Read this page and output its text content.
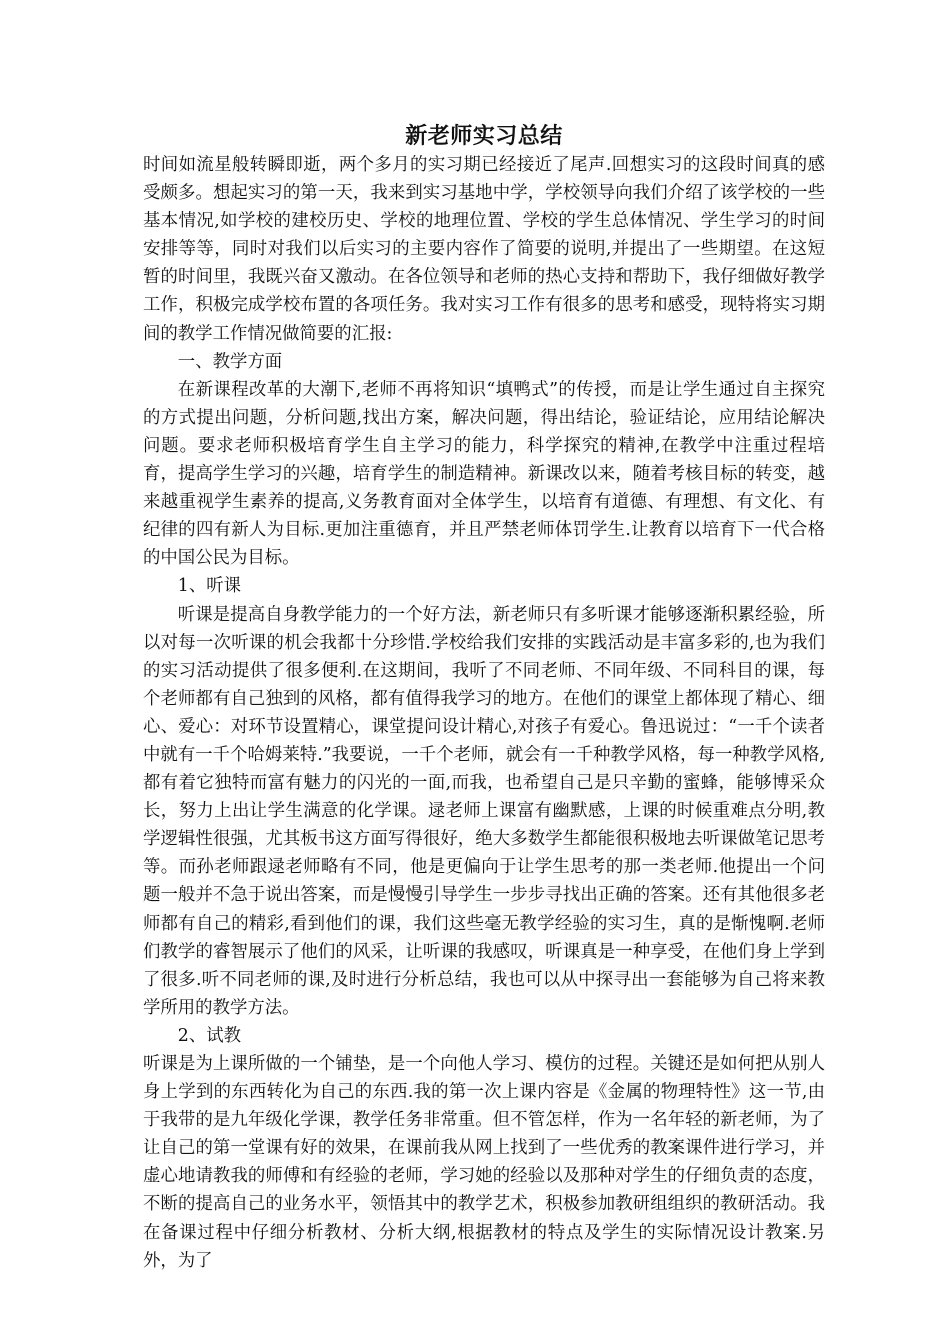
新老师实习总结

时间如流星般转瞬即逝，两个多月的实习期已经接近了尾声.回想实习的这段时间真的感受颇多。想起实习的第一天，我来到实习基地中学，学校领导向我们介绍了该学校的一些基本情况,如学校的建校历史、学校的地理位置、学校的学生总体情况、学生学习的时间安排等等，同时对我们以后实习的主要内容作了简要的说明,并提出了一些期望。在这短暂的时间里，我既兴奋又激动。在各位领导和老师的热心支持和帮助下，我仔细做好教学工作，积极完成学校布置的各项任务。我对实习工作有很多的思考和感受，现特将实习期间的教学工作情况做简要的汇报:

一、教学方面

在新课程改革的大潮下,老师不再将知识“填鸭式”的传授，而是让学生通过自主探究的方式提出问题，分析问题,找出方案，解决问题，得出结论，验证结论，应用结论解决问题。要求老师积极培育学生自主学习的能力，科学探究的精神,在教学中注重过程培育，提高学生学习的兴趣，培育学生的制造精神。新课改以来，随着考核目标的转变，越来越重视学生素养的提高,义务教育面对全体学生，以培育有道德、有理想、有文化、有纪律的四有新人为目标.更加注重德育，并且严禁老师体罚学生.让教育以培育下一代合格的中国公民为目标。

1、听课

听课是提高自身教学能力的一个好方法，新老师只有多听课才能够逐渐积累经验，所以对每一次听课的机会我都十分珍惜.学校给我们安排的实践活动是丰富多彩的,也为我们的实习活动提供了很多便利.在这期间，我听了不同老师、不同年级、不同科目的课，每个老师都有自己独到的风格，都有值得我学习的地方。在他们的课堂上都体现了精心、细心、爱心：对环节设置精心，课堂提问设计精心,对孩子有爱心。鲁迅说过：“一千个读者中就有一千个哈姆莱特.”我要说，一千个老师，就会有一千种教学风格，每一种教学风格,都有着它独特而富有魅力的闪光的一面,而我，也希望自己是只辛勤的蜜蜂，能够博采众长，努力上出让学生满意的化学课。逯老师上课富有幽默感，上课的时候重难点分明,教学逻辑性很强，尤其板书这方面写得很好，绝大多数学生都能很积极地去听课做笔记思考等。而孙老师跟逯老师略有不同，他是更偏向于让学生思考的那一类老师.他提出一个问题一般并不急于说出答案，而是慢慢引导学生一步步寻找出正确的答案。还有其他很多老师都有自己的精彩,看到他们的课，我们这些毫无教学经验的实习生，真的是惭愧啊.老师们教学的睿智展示了他们的风采，让听课的我感叹，听课真是一种享受，在他们身上学到了很多.听不同老师的课,及时进行分析总结，我也可以从中探寻出一套能够为自己将来教学所用的教学方法。

2、试教

听课是为上课所做的一个铺垫，是一个向他人学习、模仿的过程。关键还是如何把从别人身上学到的东西转化为自己的东西.我的第一次上课内容是《金属的物理特性》这一节,由于我带的是九年级化学课，教学任务非常重。但不管怎样，作为一名年轻的新老师，为了让自己的第一堂课有好的效果，在课前我从网上找到了一些优秀的教案课件进行学习，并虚心地请教我的师傅和有经验的老师，学习她的经验以及那种对学生的仔细负责的态度，不断的提高自己的业务水平，领悟其中的教学艺术，积极参加教研组组织的教研活动。我在备课过程中仔细分析教材、分析大纲,根据教材的特点及学生的实际情况设计教案.另外，为了
